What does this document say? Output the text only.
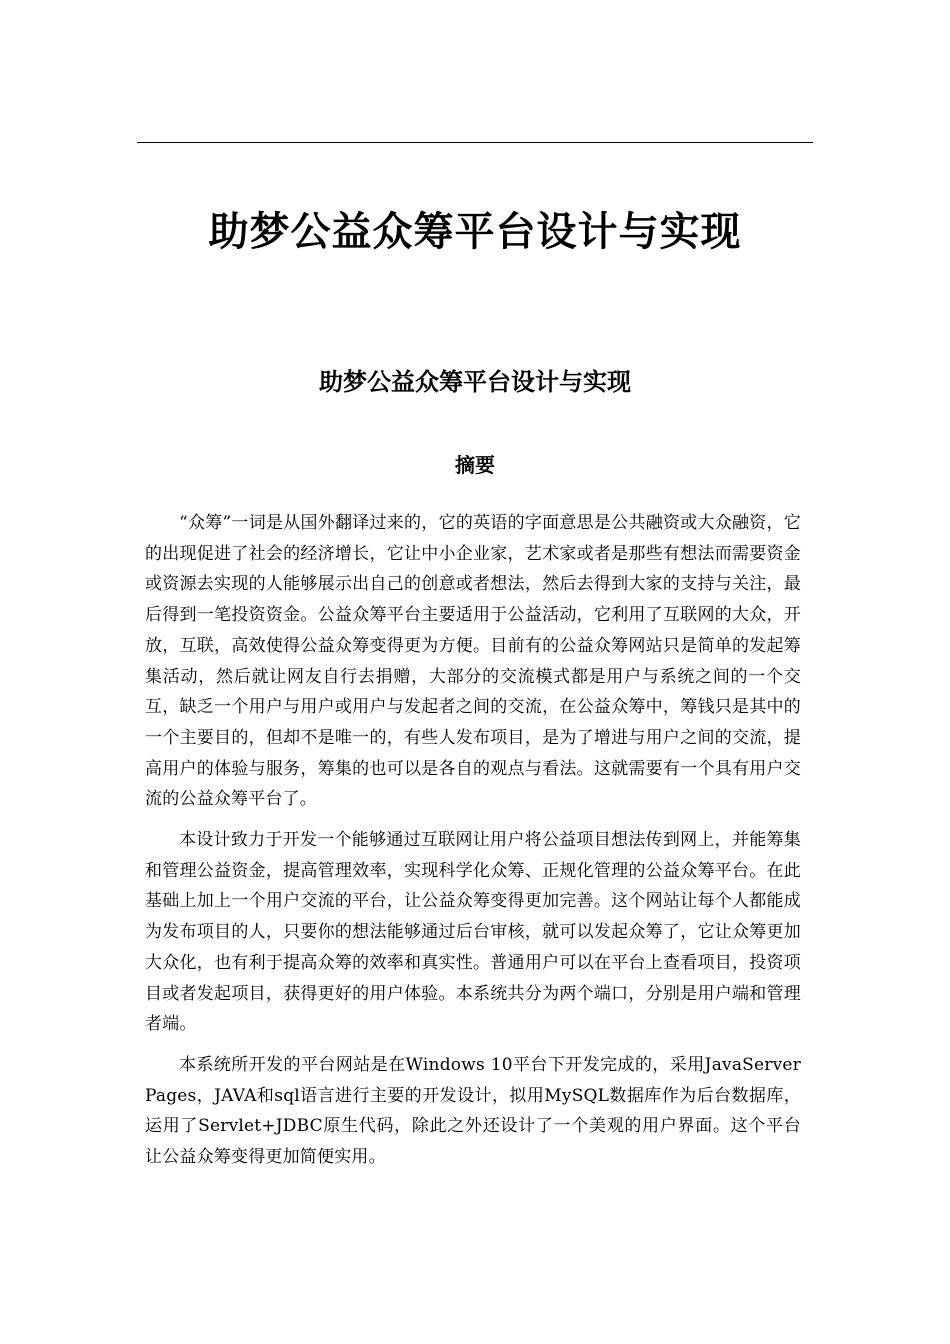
助梦公益众筹平台设计与实现
助梦公益众筹平台设计与实现
摘要

“众筹”一词是从国外翻译过来的，它的英语的字面意思是公共融资或大众融资，它的出现促进了社会的经济增长，它让中小企业家，艺术家或者是那些有想法而需要资金或资源去实现的人能够展示出自己的创意或者想法，然后去得到大家的支持与关注，最后得到一笔投资资金。公益众筹平台主要适用于公益活动，它利用了互联网的大众，开放，互联，高效使得公益众筹变得更为方便。目前有的公益众筹网站只是简单的发起筹集活动，然后就让网友自行去捐赠，大部分的交流模式都是用户与系统之间的一个交互，缺乏一个用户与用户或用户与发起者之间的交流，在公益众筹中，筹钱只是其中的一个主要目的，但却不是唯一的，有些人发布项目，是为了增进与用户之间的交流，提高用户的体验与服务，筹集的也可以是各自的观点与看法。这就需要有一个具有用户交流的公益众筹平台了。

本设计致力于开发一个能够通过互联网让用户将公益项目想法传到网上，并能筹集和管理公益资金，提高管理效率，实现科学化众筹、正规化管理的公益众筹平台。在此基础上加上一个用户交流的平台，让公益众筹变得更加完善。这个网站让每个人都能成为发布项目的人，只要你的想法能够通过后台审核，就可以发起众筹了，它让众筹更加大众化，也有利于提高众筹的效率和真实性。普通用户可以在平台上查看项目，投资项目或者发起项目，获得更好的用户体验。本系统共分为两个端口，分别是用户端和管理者端。

本系统所开发的平台网站是在Windows 10平台下开发完成的，采用JavaServer Pages，JAVA和sql语言进行主要的开发设计，拟用MySQL数据库作为后台数据库，运用了Servlet+JDBC原生代码，除此之外还设计了一个美观的用户界面。这个平台让公益众筹变得更加简便实用。
